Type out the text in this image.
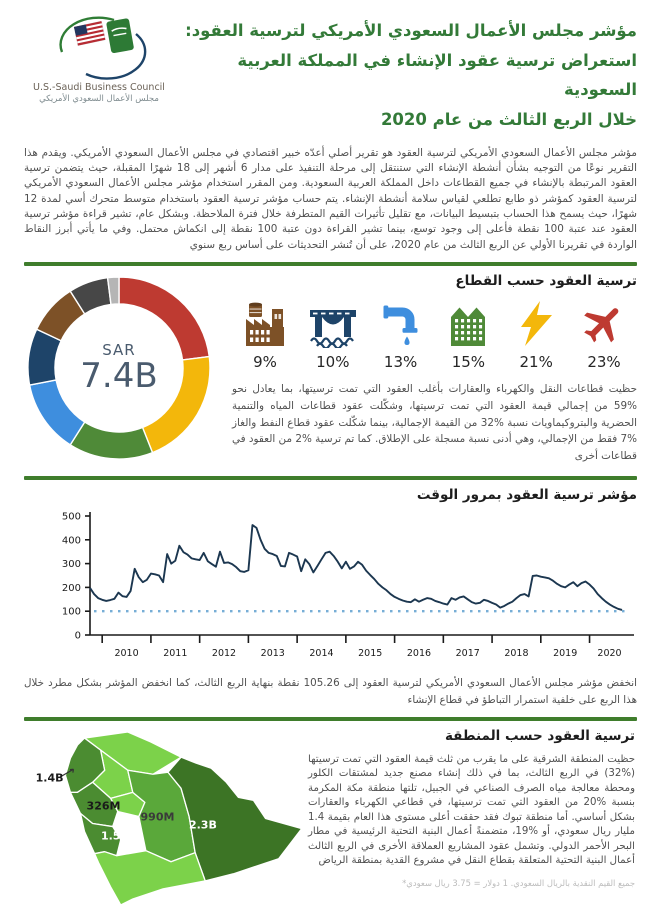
U.S.-Saudi Business Council
مجلس الأعمال السعودي الأمريكي
مؤشر مجلس الأعمال السعودي الأمريكي لترسية العقود:
استعراض ترسية عقود الإنشاء في المملكة العربية السعودية
خلال الربع الثالث من عام 2020
مؤشر مجلس الأعمال السعودي الأمريكي لترسية العقود هو تقرير أصلي أعدّه خبير اقتصادي في مجلس الأعمال السعودي الأمريكي. ويقدم هذا التقرير نوعًا من التوجيه بشأن أنشطة الإنشاء التي ستنتقل إلى مرحلة التنفيذ على مدار 6 أشهر إلى 18 شهرًا المقبلة، حيث يتضمن ترسية العقود المرتبطة بالإنشاء في جميع القطاعات داخل المملكة العربية السعودية. ومن المقرر استخدام مؤشر مجلس الأعمال السعودي الأمريكي لترسية العقود كمؤشر ذو طابع تطلعي لقياس سلامة أنشطة الإنشاء. يتم حساب مؤشر ترسية العقود باستخدام متوسط متحرك أسي لمدة 12 شهرًا، حيث يسمح هذا الحساب بتبسيط البيانات، مع تقليل تأثيرات القيم المتطرفة خلال فترة الملاحظة. وبشكل عام، تشير قراءة مؤشر ترسية العقود عند عتبة 100 نقطة فأعلى إلى وجود توسع، بينما تشير القراءة دون عتبة 100 نقطة إلى انكماش محتمل. وفي ما يأتي أبرز النقاط الواردة في تقريرنا الأولي عن الربع الثالث من عام 2020، على أن تُنشر التحديثات على أساس ربع سنوي
SAR
7.4B
ترسية العقود حسب القطاع
9%	10% 13% 15% 21% 23%
حظيت قطاعات النقل والكهرباء والعقارات بأغلب العقود التي تمت ترسيتها، بما يعادل نحو %59 من إجمالي قيمة العقود التي تمت ترسيتها، وشكّلت عقود قطاعات المياه والتنمية الحضرية والبتروكيماويات نسبة %32 من القيمة الإجمالية، بينما شكّلت عقود قطاع النفط والغاز %7 فقط من الإجمالي، وهي أدنى نسبة مسجلة على الإطلاق. كما تم ترسية %2 من العقود في قطاعات أخرى
مؤشر ترسية العقود بمرور الوقت
0
100
200
300
400
500
2010	2011	2012	2013	2014	2015	2016	2017	2018	2019 2020
انخفض مؤشر مجلس الأعمال السعودي الأمريكي لترسية العقود إلى 105.26 نقطة بنهاية الربع الثالث، كما انخفض المؤشر بشكل مطرد خلال هذا الربع على خلفية استمرار التباطؤ في قطاع الإنشاء
1.4B
326M
990M
1.5B
2.3B
ترسية العقود حسب المنطقة
حظيت المنطقة الشرقية على ما يقرب من ثلث قيمة العقود التي تمت ترسيتها (%32) في الربع الثالث، بما في ذلك إنشاء مصنع جديد لمشتقات الكلور ومحطة معالجة مياه الصرف الصناعي في الجبيل، تلتها منطقة مكة المكرمة بنسبة %20 من العقود التي تمت ترسيتها، في قطاعي الكهرباء والعقارات بشكل أساسي. أما منطقة تبوك فقد حققت أعلى مستوى هذا العام بقيمة 1.4 مليار ريال سعودي، أو %19، متضمنةً أعمال البنية التحتية الرئيسية في مطار البحر الأحمر الدولي. وتشمل عقود المشاريع العملاقة الأخرى في الربع الثالث أعمال البنية التحتية المتعلقة بقطاع النقل في مشروع القدية بمنطقة الرياض
جميع القيم النقدية بالريال السعودي. 1 دولار = 3.75 ريال سعودي*
